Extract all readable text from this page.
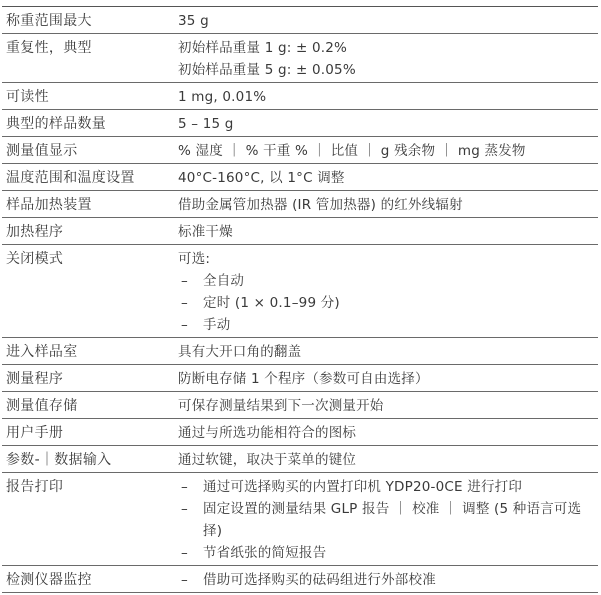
称重范围最大	35 g
重复性，典型	初始样品重量 1 g: ± 0.2%
初始样品重量 5 g: ± 0.05%
可读性	1 mg, 0.01%
典型的样品数量	5 – 15 g
测量值显示	% 湿度 ｜ % 干重 % ｜ 比值 ｜ g 残余物 ｜ mg 蒸发物
温度范围和温度设置	40°C-160°C, 以 1°C 调整
样品加热装置	借助金属管加热器 (IR 管加热器) 的红外线辐射
加热程序	标准干燥
关闭模式	可选:
–	全自动
–	定时 (1 × 0.1–99 分)
–	手动
进入样品室	具有大开口角的翻盖
测量程序	防断电存储 1 个程序（参数可自由选择）
测量值存储	可保存测量结果到下一次测量开始
用户手册	通过与所选功能相符合的图标
参数-｜数据输入	通过软键，取决于菜单的键位
报告打印	–	通过可选择购买的内置打印机 YDP20-0CE 进行打印
–	固定设置的测量结果 GLP 报告 ｜ 校准 ｜ 调整 (5 种语言可选择)
–	节省纸张的简短报告
检测仪器监控	–	借助可选择购买的砝码组进行外部校准
